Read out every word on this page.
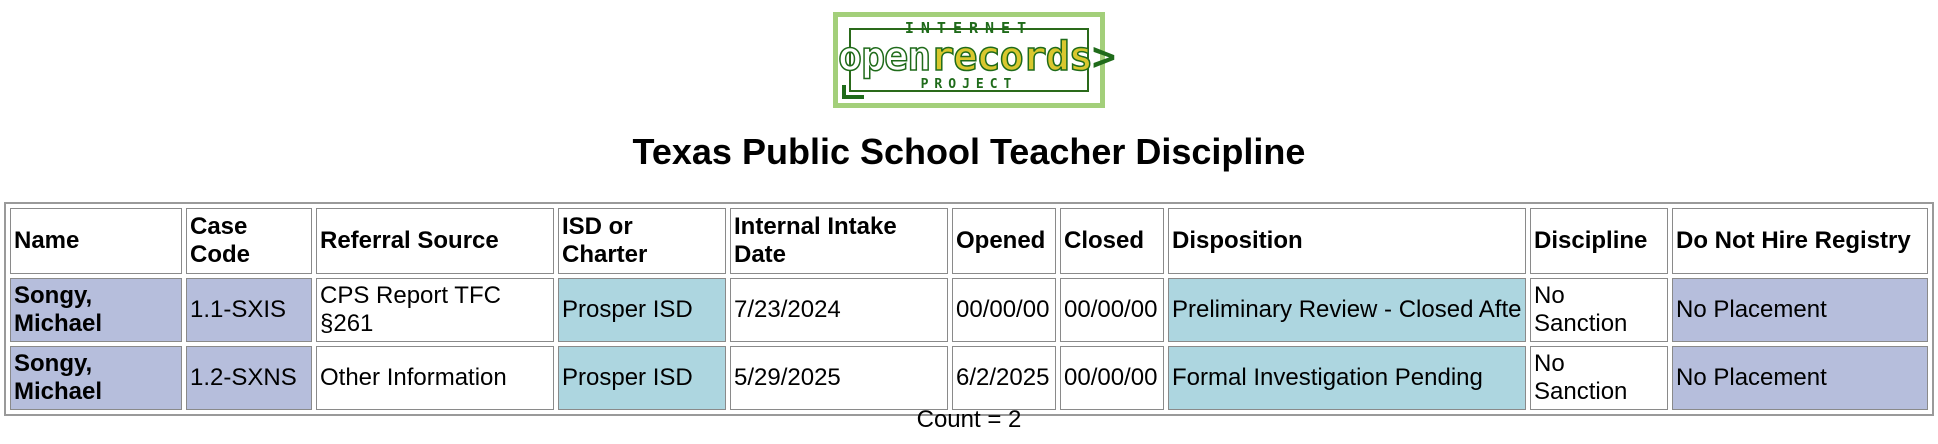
INTERNET
openrecords>
PROJECT
Texas Public School Teacher Discipline
Name	Case Code	Referral Source	ISD or Charter	Internal Intake Date	Opened	Closed	Disposition	Discipline	Do Not Hire Registry
Songy, Michael	1.1-SXIS	CPS Report TFC §261	Prosper ISD	7/23/2024	00/00/00	00/00/00	Preliminary Review - Closed Afte	No Sanction	No Placement
Songy, Michael	1.2-SXNS	Other Information	Prosper ISD	5/29/2025	6/2/2025	00/00/00	Formal Investigation Pending	No Sanction	No Placement
Count = 2
